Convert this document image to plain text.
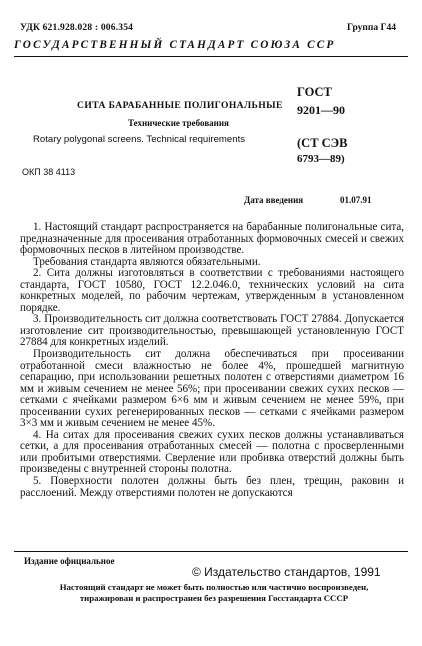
УДК 621.928.028 : 006.354	Группа Г44
ГОСУДАРСТВЕННЫЙ СТАНДАРТ СОЮЗА ССР
СИТА БАРАБАННЫЕ ПОЛИГОНАЛЬНЫЕ
Технические требования
Rotary polygonal screens. Technical requirements
ГОСТ
9201—90
(СТ СЭВ
6793—89)
ОКП 38 4113
Дата введения	01.07.91

1. Настоящий стандарт распространяется на барабанные полигональные сита, предназначенные для просеивания отработанных формовочных смесей и свежих формовочных песков в литейном производстве.

Требования стандарта являются обязательными.

2. Сита должны изготовляться в соответствии с требованиями настоящего стандарта, ГОСТ 10580, ГОСТ 12.2.046.0, технических условий на сита конкретных моделей, по рабочим чертежам, утвержденным в установленном порядке.

3. Производительность сит должна соответствовать ГОСТ 27884. Допускается изготовление сит производительностью, превышающей установленную ГОСТ 27884 для конкретных изделий.

Производительность сит должна обеспечиваться при просеивании отработанной смеси влажностью не более 4%, прошедшей магнитную сепарацию, при использовании решетных полотен с отверстиями диаметром 16 мм и живым сечением не менее 56%; при просеивании свежих сухих песков — сетками с ячейками размером 6×6 мм и живым сечением не менее 59%, при просеивании сухих регенерированных песков — сетками с ячейками размером 3×3 мм и живым сечением не менее 45%.

4. На ситах для просеивания свежих сухих песков должны устанавливаться сетки, а для просеивания отработанных смесей — полотна с просверленными или пробитыми отверстиями. Сверление или пробивка отверстий должны быть произведены с внутренней стороны полотна.

5. Поверхности полотен должны быть без плен, трещин, раковин и расслоений. Между отверстиями полотен не допускаются

Издание официальное
© Издательство стандартов, 1991
Настоящий стандарт не может быть полностью или частично воспроизведен,
тиражирован и распространен без разрешения Госстандарта СССР
